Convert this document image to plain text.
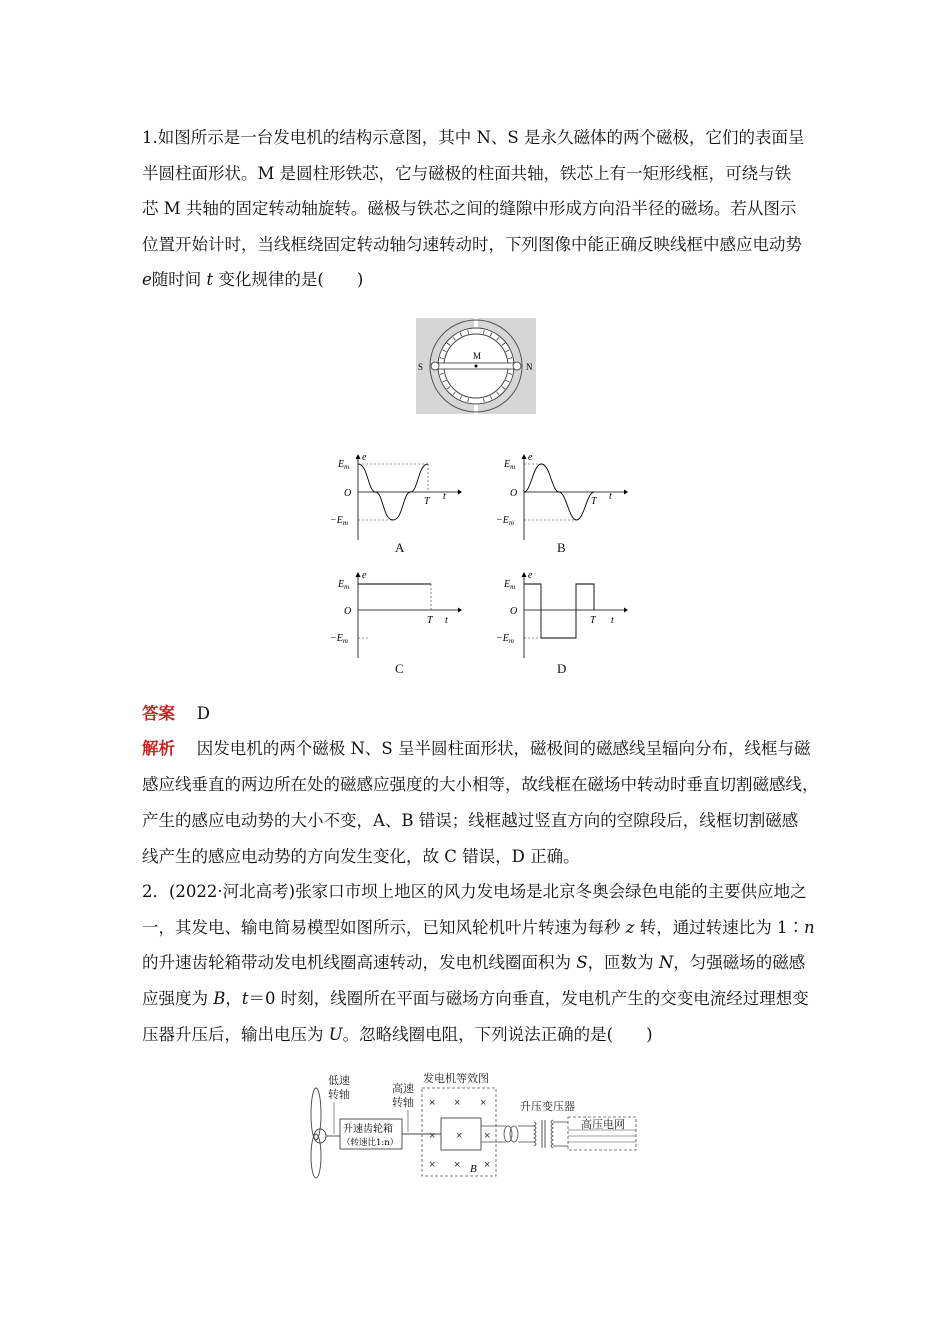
1.如图所示是一台发电机的结构示意图，其中 N、S 是永久磁体的两个磁极，它们的表面呈
半圆柱面形状。M 是圆柱形铁芯，它与磁极的柱面共轴，铁芯上有一矩形线框，可绕与铁
芯 M 共轴的固定转动轴旋转。磁极与铁芯之间的缝隙中形成方向沿半径的磁场。若从图示
位置开始计时，当线框绕固定转动轴匀速转动时，下列图像中能正确反映线框中感应电动势
e随时间 t 变化规律的是(　　)
M
S	N
$E_m$
O
$-E_m$
e
T t
A
$E_m$
O
$-E_m$
e
T t
B
$E_m$
O
$-E_m$
e
T t
C
$E_m$
O
$-E_m$
e
T t
D
答案　 D
解析　 因发电机的两个磁极 N、S 呈半圆柱面形状，磁极间的磁感线呈辐向分布，线框与磁
感应线垂直的两边所在处的磁感应强度的大小相等，故线框在磁场中转动时垂直切割磁感线，
产生的感应电动势的大小不变，A、B 错误；线框越过竖直方向的空隙段后，线框切割磁感
线产生的感应电动势的方向发生变化，故 C 错误，D 正确。
2．(2022·河北高考)张家口市坝上地区的风力发电场是北京冬奥会绿色电能的主要供应地之
一，其发电、输电简易模型如图所示，已知风轮机叶片转速为每秒 z 转，通过转速比为 1∶n
的升速齿轮箱带动发电机线圈高速转动，发电机线圈面积为 S，匝数为 N，匀强磁场的磁感
应强度为 B，t＝0 时刻，线圈所在平面与磁场方向垂直，发电机产生的交变电流经过理想变
压器升压后，输出电压为 U。忽略线圈电阻，下列说法正确的是(　　)
低速
转轴	高速
转轴
发电机等效图
升压变压器
高压电网
升速齿轮箱
（转速比1:n）
× × ×
× × ×
× × ×
B
